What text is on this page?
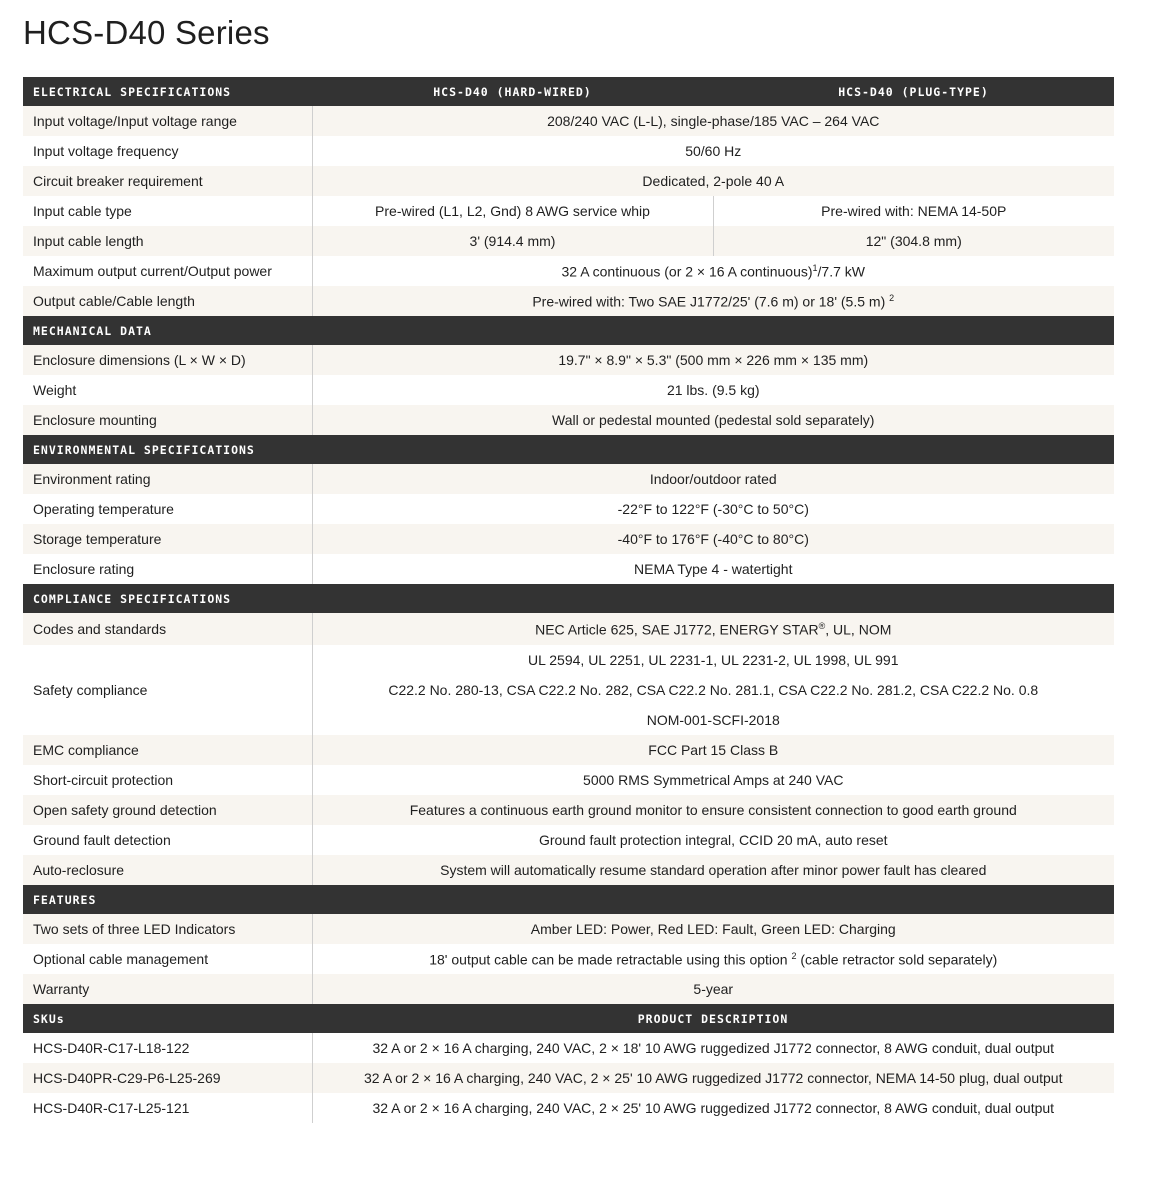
HCS-D40 Series
ELECTRICAL SPECIFICATIONS	HCS-D40 (HARD-WIRED)	HCS-D40 (PLUG-TYPE)
Input voltage/Input voltage range	208/240 VAC (L-L), single-phase/185 VAC – 264 VAC	
Input voltage frequency	50/60 Hz	
Circuit breaker requirement	Dedicated, 2-pole 40 A	
Input cable type	Pre-wired (L1, L2, Gnd) 8 AWG service whip	Pre-wired with: NEMA 14-50P
Input cable length	3' (914.4 mm)	12" (304.8 mm)
Maximum output current/Output power	32 A continuous (or 2 × 16 A continuous)$^1$/7.7 kW	
Output cable/Cable length	Pre-wired with: Two SAE J1772/25' (7.6 m) or 18' (5.5 m) $^2$
MECHANICAL DATA		
Enclosure dimensions (L × W × D)	19.7" × 8.9" × 5.3" (500 mm × 226 mm × 135 mm)	
Weight	21 lbs. (9.5 kg)	
Enclosure mounting	Wall or pedestal mounted (pedestal sold separately)	
ENVIRONMENTAL SPECIFICATIONS		
Environment rating	Indoor/outdoor rated	
Operating temperature	-22°F to 122°F (-30°C to 50°C)	
Storage temperature	-40°F to 176°F (-40°C to 80°C)	
Enclosure rating	NEMA Type 4 - watertight	
COMPLIANCE SPECIFICATIONS		
Codes and standards	NEC Article 625, SAE J1772, ENERGY STAR®, UL, NOM	
Safety compliance	UL 2594, UL 2251, UL 2231-1, UL 2231-2, UL 1998, UL 991
C22.2 No. 280-13, CSA C22.2 No. 282, CSA C22.2 No. 281.1, CSA C22.2 No. 281.2, CSA C22.2 No. 0.8
NOM-001-SCFI-2018	

EMC compliance	FCC Part 15 Class B	
Short-circuit protection	5000 RMS Symmetrical Amps at 240 VAC	
Open safety ground detection	Features a continuous earth ground monitor to ensure consistent connection to good earth ground	
Ground fault detection	Ground fault protection integral, CCID 20 mA, auto reset	
Auto-reclosure	System will automatically resume standard operation after minor power fault has cleared	
FEATURES		
Two sets of three LED Indicators	Amber LED: Power, Red LED: Fault, Green LED: Charging	
Optional cable management	18' output cable can be made retractable using this option $^2$ (cable retractor sold separately)	
Warranty	5-year	
SKUs	PRODUCT DESCRIPTION	
HCS-D40R-C17-L18-122	32 A or 2 × 16 A charging, 240 VAC, 2 × 18' 10 AWG ruggedized J1772 connector, 8 AWG conduit, dual output	
HCS-D40PR-C29-P6-L25-269	32 A or 2 × 16 A charging, 240 VAC, 2 × 25' 10 AWG ruggedized J1772 connector, NEMA 14-50 plug, dual output	
HCS-D40R-C17-L25-121	32 A or 2 × 16 A charging, 240 VAC, 2 × 25' 10 AWG ruggedized J1772 connector, 8 AWG conduit, dual output	
